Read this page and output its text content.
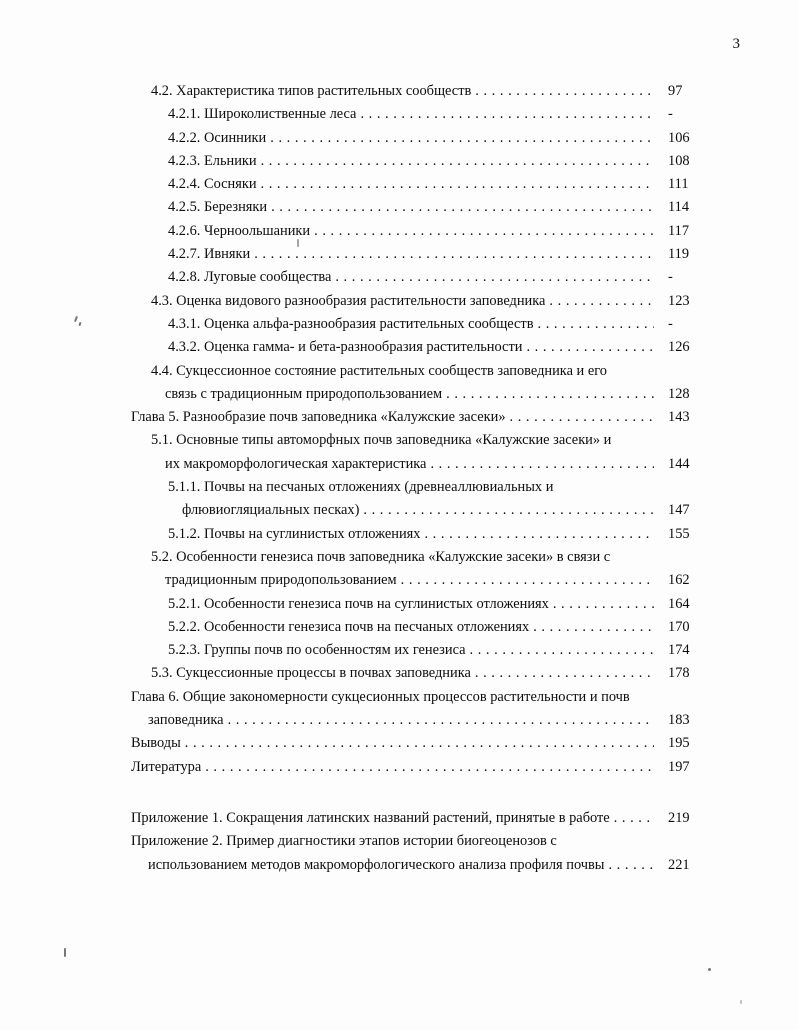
3
4.2. Характеристика типов растительных сообществ . . .	97
4.2.1. Широколиственные леса . . .	-
4.2.2. Осинники . . .	106
4.2.3. Ельники . . .	108
4.2.4. Сосняки . . .	111
4.2.5. Березняки . . .	114
4.2.6. Черноольшаники . . .	117
4.2.7. Ивняки . . .	119
4.2.8. Луговые сообщества . . .	-
4.3. Оценка видового разнообразия растительности заповедника . . .	123
4.3.1. Оценка альфа-разнообразия растительных сообществ . . .	-
4.3.2. Оценка гамма- и бета-разнообразия растительности . . .	126
4.4. Сукцессионное состояние растительных сообществ заповедника и его
связь с традиционным природопользованием . . .	128
Глава 5. Разнообразие почв заповедника «Калужские засеки» . . .	143
5.1. Основные типы автоморфных почв заповедника «Калужские засеки» и
их макроморфологическая характеристика . . .	144
5.1.1. Почвы на песчаных отложениях (древнеаллювиальных и
флювиогляциальных песках) . . .	147
5.1.2. Почвы на суглинистых отложениях . . .	155
5.2. Особенности генезиса почв заповедника «Калужские засеки» в связи с
традиционным природопользованием . . .	162
5.2.1. Особенности генезиса почв на суглинистых отложениях . . .	164
5.2.2. Особенности генезиса почв на песчаных отложениях . . .	170
5.2.3. Группы почв по особенностям их генезиса . . .	174
5.3. Сукцессионные процессы в почвах заповедника . . .	178
Глава 6. Общие закономерности сукцесионных процессов растительности и почв
заповедника . . .	183
Выводы . . .	195
Литература . . .	197
Приложение 1. Сокращения латинских названий растений, принятые в работе . . .	219
Приложение 2. Пример диагностики этапов истории биогеоценозов с
использованием методов макроморфологического анализа профиля почвы . . .	221
